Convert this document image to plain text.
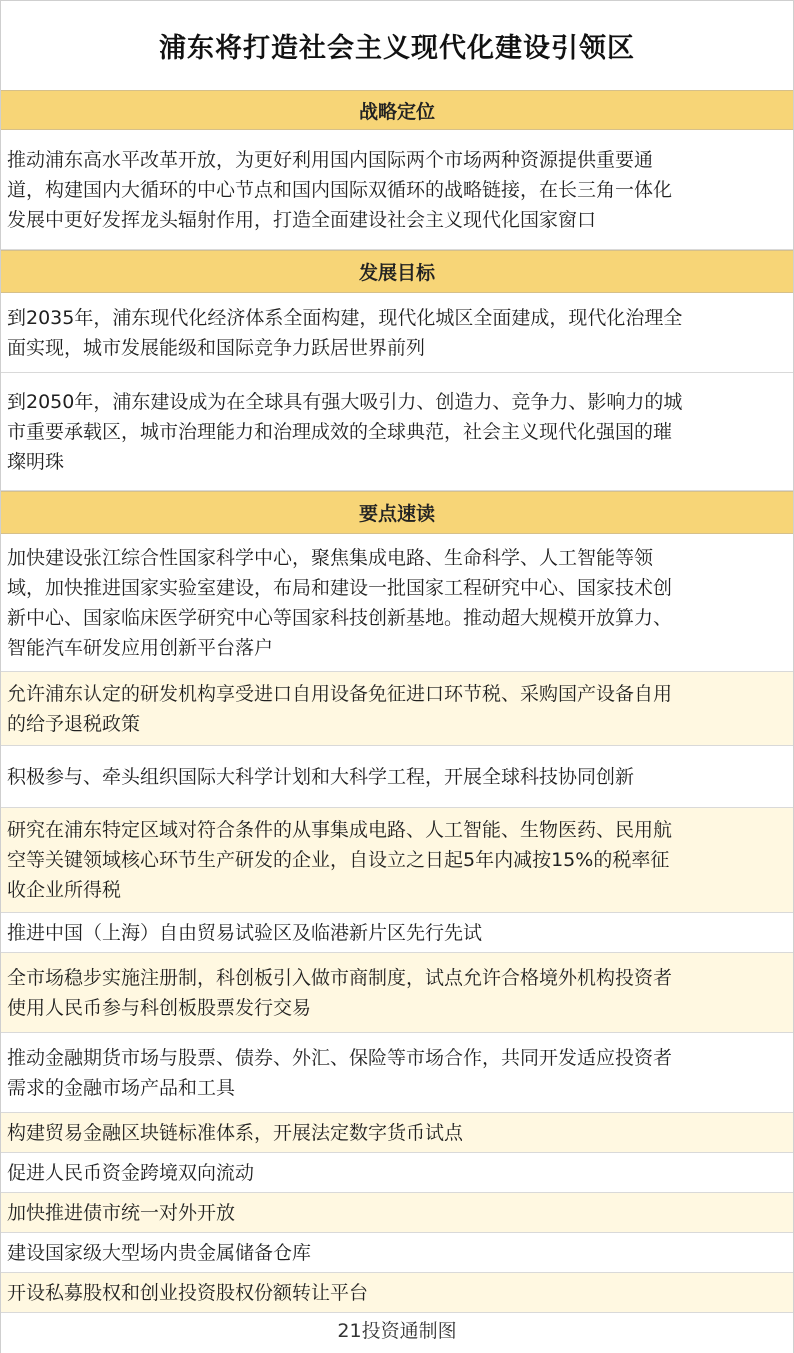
浦东将打造社会主义现代化建设引领区
战略定位
推动浦东高水平改革开放，为更好利用国内国际两个市场两种资源提供重要通
道，构建国内大循环的中心节点和国内国际双循环的战略链接，在长三角一体化
发展中更好发挥龙头辐射作用，打造全面建设社会主义现代化国家窗口
发展目标
到2035年，浦东现代化经济体系全面构建，现代化城区全面建成，现代化治理全
面实现，城市发展能级和国际竞争力跃居世界前列
到2050年，浦东建设成为在全球具有强大吸引力、创造力、竞争力、影响力的城
市重要承载区，城市治理能力和治理成效的全球典范，社会主义现代化强国的璀
璨明珠
要点速读
加快建设张江综合性国家科学中心，聚焦集成电路、生命科学、人工智能等领
域，加快推进国家实验室建设，布局和建设一批国家工程研究中心、国家技术创
新中心、国家临床医学研究中心等国家科技创新基地。推动超大规模开放算力、
智能汽车研发应用创新平台落户
允许浦东认定的研发机构享受进口自用设备免征进口环节税、采购国产设备自用
的给予退税政策
积极参与、牵头组织国际大科学计划和大科学工程，开展全球科技协同创新
研究在浦东特定区域对符合条件的从事集成电路、人工智能、生物医药、民用航
空等关键领域核心环节生产研发的企业，自设立之日起5年内减按15%的税率征
收企业所得税
推进中国（上海）自由贸易试验区及临港新片区先行先试
全市场稳步实施注册制，科创板引入做市商制度，试点允许合格境外机构投资者
使用人民币参与科创板股票发行交易
推动金融期货市场与股票、债券、外汇、保险等市场合作，共同开发适应投资者
需求的金融市场产品和工具
构建贸易金融区块链标准体系，开展法定数字货币试点
促进人民币资金跨境双向流动
加快推进债市统一对外开放
建设国家级大型场内贵金属储备仓库
开设私募股权和创业投资股权份额转让平台
21投资通制图
